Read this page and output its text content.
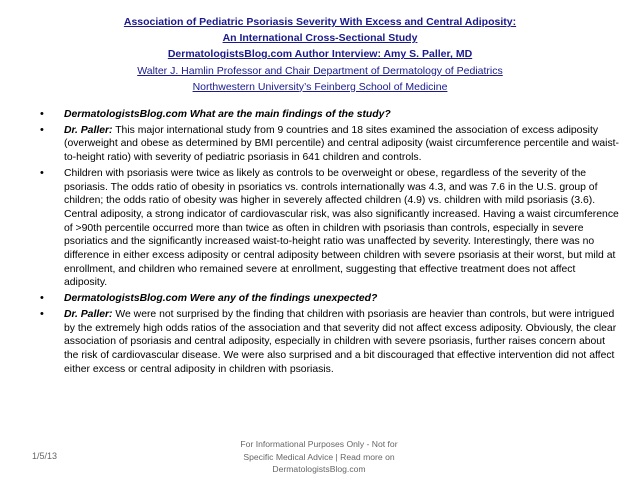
Association of Pediatric Psoriasis Severity With Excess and Central Adiposity:
An International Cross-Sectional Study
DermatologistsBlog.com Author Interview: Amy S. Paller, MD
Walter J. Hamlin Professor and Chair Department of Dermatology of Pediatrics
Northwestern University’s Feinberg School of Medicine
• DermatologistsBlog.com What are the main findings of the study?
• Dr. Paller: This major international study from 9 countries and 18 sites examined the association of excess adiposity (overweight and obese as determined by BMI percentile) and central adiposity (waist circumference percentile and waist-to-height ratio) with severity of pediatric psoriasis in 641 children and controls.
• Children with psoriasis were twice as likely as controls to be overweight or obese, regardless of the severity of the psoriasis. The odds ratio of obesity in psoriatics vs. controls internationally was 4.3, and was 7.6 in the U.S. group of children; the odds ratio of obesity was higher in severely affected children (4.9) vs. children with mild psoriasis (3.6). Central adiposity, a strong indicator of cardiovascular risk, was also significantly increased. Having a waist circumference of >90th percentile occurred more than twice as often in children with psoriasis than controls, especially in severe psoriatics and the significantly increased waist-to-height ratio was unaffected by severity. Interestingly, there was no difference in either excess adiposity or central adiposity between children with severe psoriasis at their worst, but mild at enrollment, and children who remained severe at enrollment, suggesting that effective treatment does not affect adiposity.
• DermatologistsBlog.com Were any of the findings unexpected?
• Dr. Paller: We were not surprised by the finding that children with psoriasis are heavier than controls, but were intrigued by the extremely high odds ratios of the association and that severity did not affect excess adiposity. Obviously, the clear association of psoriasis and central adiposity, especially in children with severe psoriasis, further raises concern about the risk of cardiovascular disease. We were also surprised and a bit discouraged that effective intervention did not affect either excess or central adiposity in children with psoriasis.
1/5/13
For Informational Purposes Only - Not for
Specific Medical Advice | Read more on
DermatologistsBlog.com
